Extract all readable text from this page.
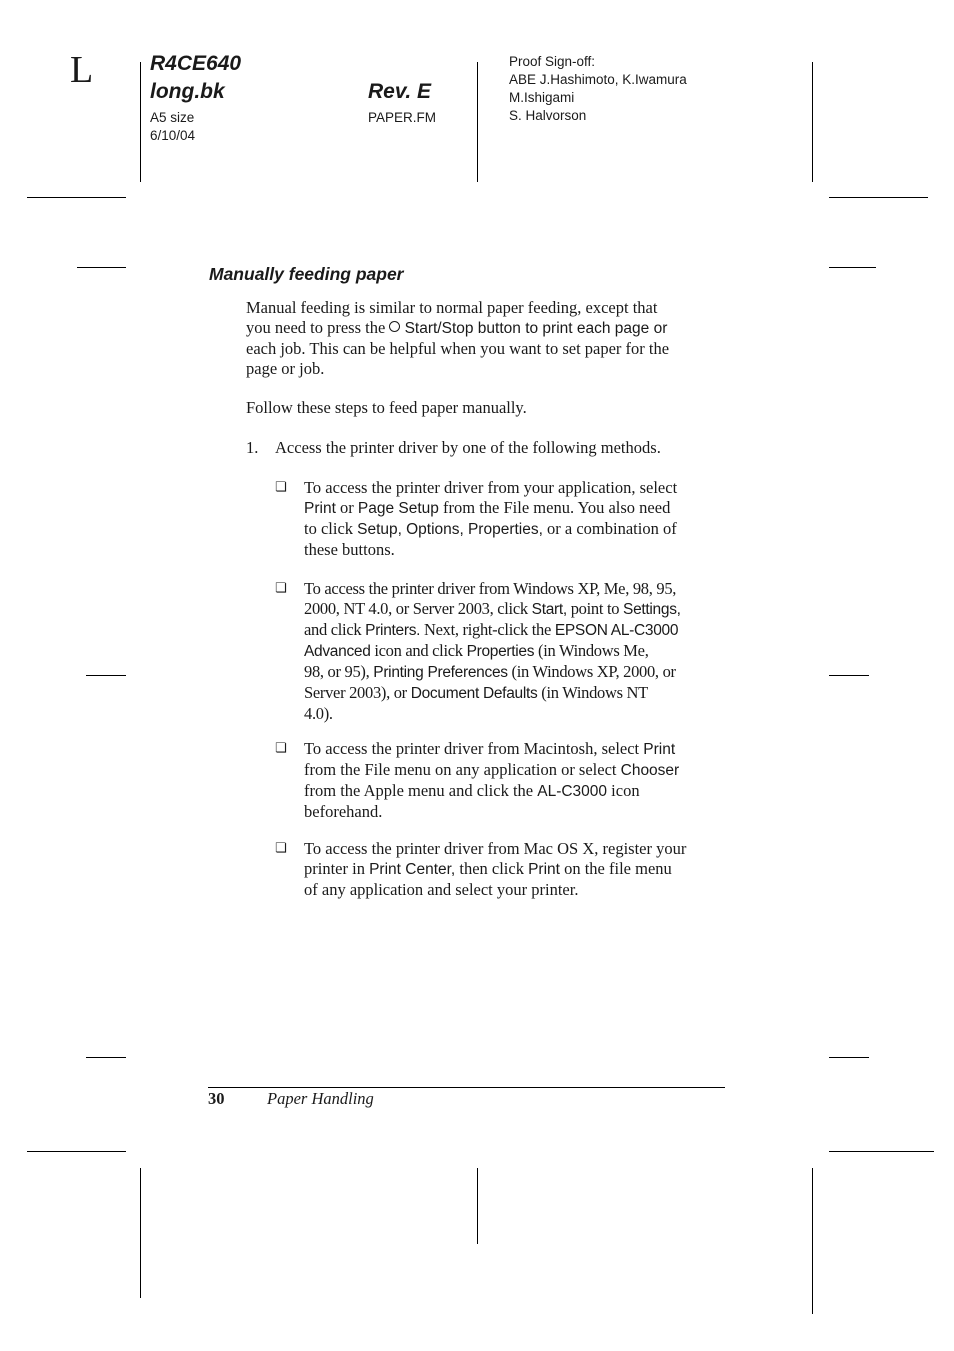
L	R4CE640
long.bk
A5 size
6/10/04
Rev. E
PAPER.FM
Proof Sign-off:
ABE J.Hashimoto, K.Iwamura
M.Ishigami
S. Halvorson
Manually feeding paper
Manual feeding is similar to normal paper feeding, except that
you need to press the Start/Stop button to print each page or
each job. This can be helpful when you want to set paper for the
page or job.
Follow these steps to feed paper manually.
1. Access the printer driver by one of the following methods.
❏ To access the printer driver from your application, select
Print or Page Setup from the File menu. You also need
to click Setup, Options, Properties, or a combination of
these buttons.
❏ To access the printer driver from Windows XP, Me, 98, 95,
2000, NT 4.0, or Server 2003, click Start, point to Settings,
and click Printers. Next, right-click the EPSON AL-C3000
Advanced icon and click Properties (in Windows Me,
98, or 95), Printing Preferences (in Windows XP, 2000, or
Server 2003), or Document Defaults (in Windows NT
4.0).
❏ To access the printer driver from Macintosh, select Print
from the File menu on any application or select Chooser
from the Apple menu and click the AL-C3000 icon
beforehand.
❏ To access the printer driver from Mac OS X, register your
printer in Print Center, then click Print on the file menu
of any application and select your printer.
30	Paper Handling
